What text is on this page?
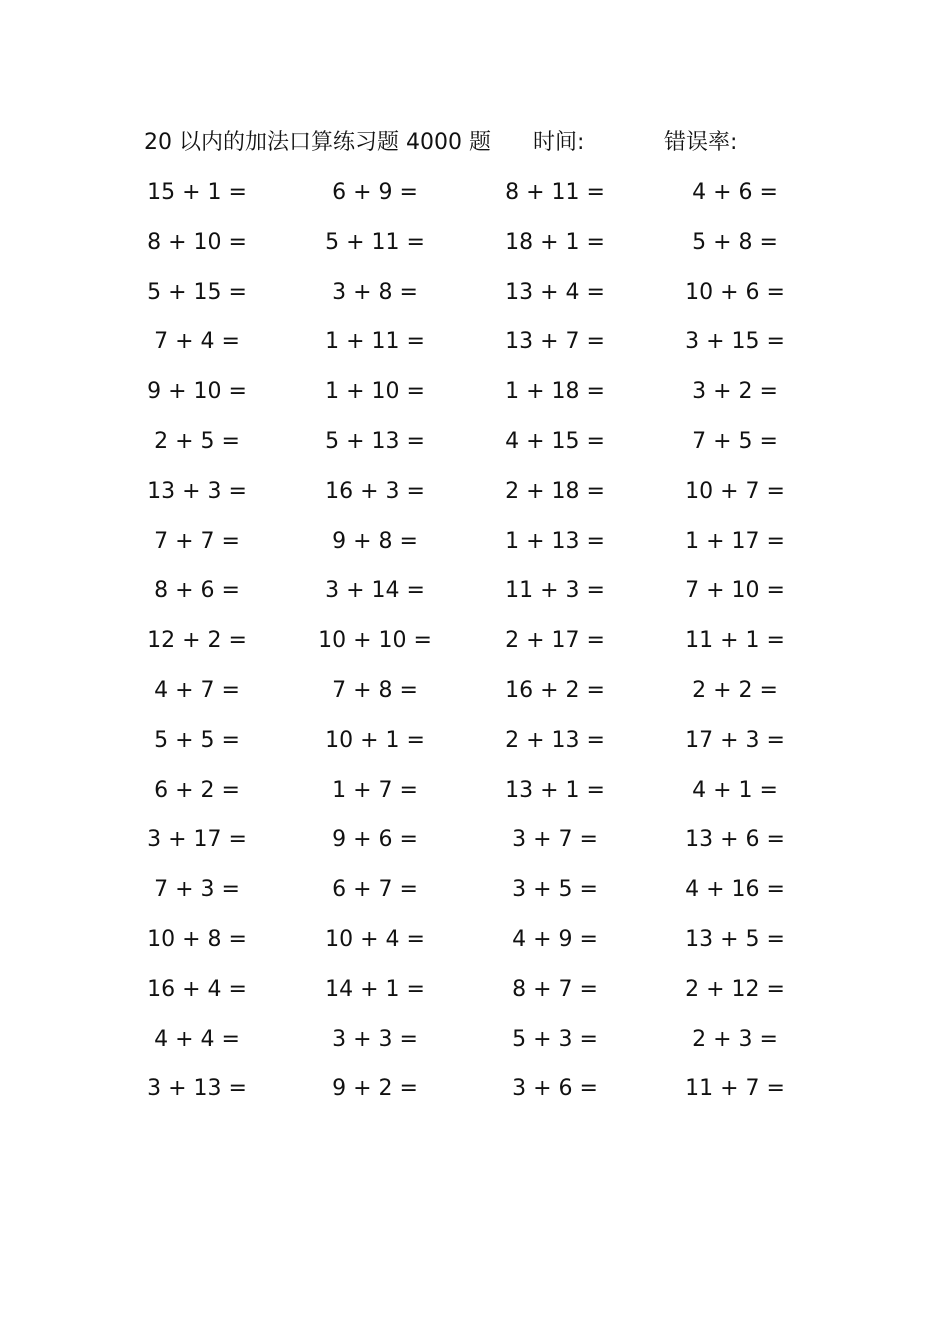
20 以内的加法口算练习题 4000 题 时间:	错误率:
15 + 1 =	6 + 9 =	8 + 11 =	4 + 6 =
8 + 10 =	5 + 11 =	18 + 1 =	5 + 8 =
5 + 15 =	3 + 8 =	13 + 4 =	10 + 6 =
7 + 4 =	1 + 11 =	13 + 7 =	3 + 15 =
9 + 10 =	1 + 10 =	1 + 18 =	3 + 2 =
2 + 5 =	5 + 13 =	4 + 15 =	7 + 5 =
13 + 3 =	16 + 3 =	2 + 18 =	10 + 7 =
7 + 7 =	9 + 8 =	1 + 13 =	1 + 17 =
8 + 6 =	3 + 14 =	11 + 3 =	7 + 10 =
12 + 2 =	10 + 10 =	2 + 17 =	11 + 1 =
4 + 7 =	7 + 8 =	16 + 2 =	2 + 2 =
5 + 5 =	10 + 1 =	2 + 13 =	17 + 3 =
6 + 2 =	1 + 7 =	13 + 1 =	4 + 1 =
3 + 17 =	9 + 6 =	3 + 7 =	13 + 6 =
7 + 3 =	6 + 7 =	3 + 5 =	4 + 16 =
10 + 8 =	10 + 4 =	4 + 9 =	13 + 5 =
16 + 4 =	14 + 1 =	8 + 7 =	2 + 12 =
4 + 4 =	3 + 3 =	5 + 3 =	2 + 3 =
3 + 13 =	9 + 2 =	3 + 6 =	11 + 7 =
